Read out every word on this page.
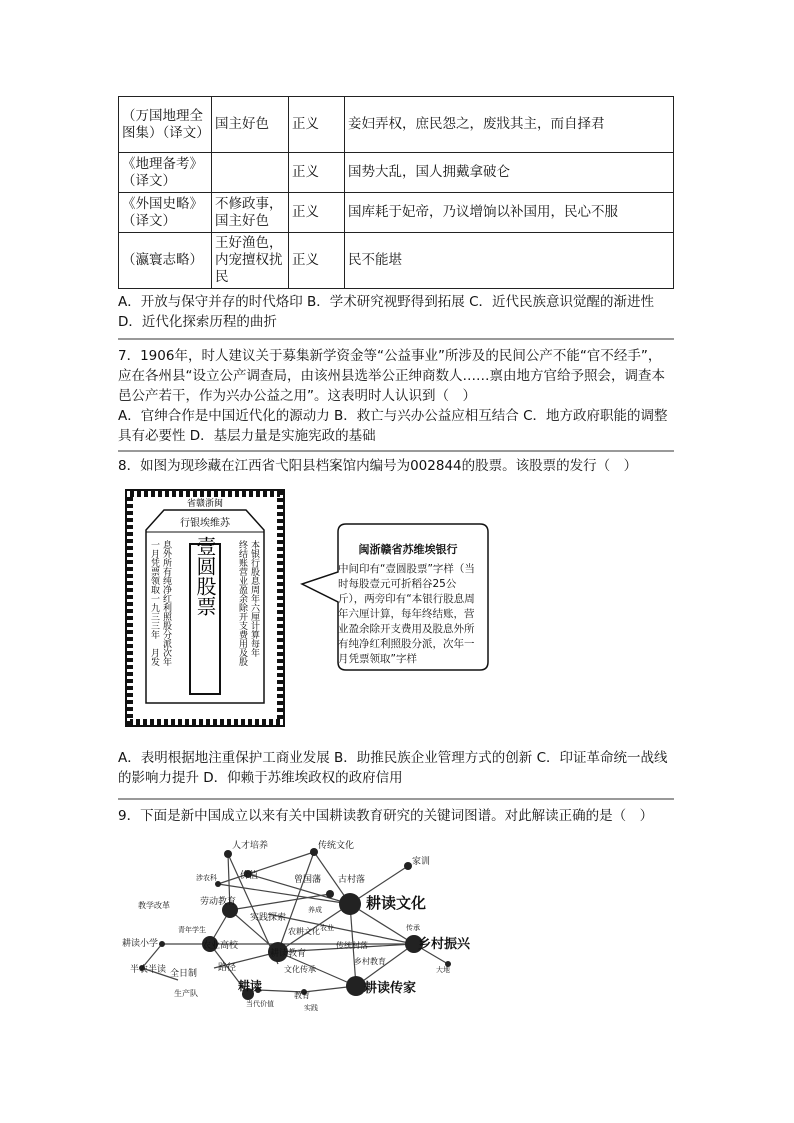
（万国地理全图集）（译文）	国主好色	正义	妾妇弄权，庶民怨之，废戕其主，而自择君
《地理备考》（译文）		正义	国势大乱，国人拥戴拿破仑
《外国史略》（译文）	不修政事，国主好色	正义	国库耗于妃帝，乃议增饷以补国用，民心不服
（瀛寰志略）	王好渔色，内宠擅权扰民	正义	民不能堪
A．开放与保守并存的时代烙印 B．学术研究视野得到拓展 C．近代民族意识觉醒的渐进性 D．近代化探索历程的曲折
7．1906年，时人建议关于募集新学资金等“公益事业”所涉及的民间公产不能“官不经手”，应在各州县“设立公产调查局，由该州县选举公正绅商数人……禀由地方官给予照会，调查本邑公产若干，作为兴办公益之用”。这表明时人认识到（　）
A．官绅合作是中国近代化的源动力 B．救亡与兴办公益应相互结合 C．地方政府职能的调整具有必要性 D．基层力量是实施宪政的基础
8．如图为现珍藏在江西省弋阳县档案馆内编号为002844的股票。该股票的发行（　）
省赣浙闽
行银埃维苏
壹圆股票
息外所有纯净红利照股分派次年
一月凭票领取一九三三年　月发	本银行股息周年六厘计算每年
终结账营业盈余除开支费用及股	闽浙赣省苏维埃银行
中间印有“壹圆股票”字样（当时每股壹元可折稻谷25公斤），两旁印有“本银行股息周年六厘计算，每年终结账，营业盈余除开支费用及股息外所有纯净红利照股分派，次年一月凭票领取”字样
A．表明根据地注重保护工商业发展 B．助推民族企业管理方式的创新 C．印证革命统一战线的影响力提升 D．仰赖于苏维埃政权的政府信用
9．下面是新中国成立以来有关中国耕读教育研究的关键词图谱。对此解读正确的是（　）
人才培养	传统文化
家训
涉农科	价值	曾国藩 古村落
教学改革	劳动教育
实践探索
养成	耕读文化
青年学生	农耕文化 农业
耕读小学	农业高校
耕读教育
传统村落	乡村振兴
传承
半农半读	路径	文化传承
乡村教育
大地
全日制
生产队
耕读
教育	耕读传家
当代价值	实践
